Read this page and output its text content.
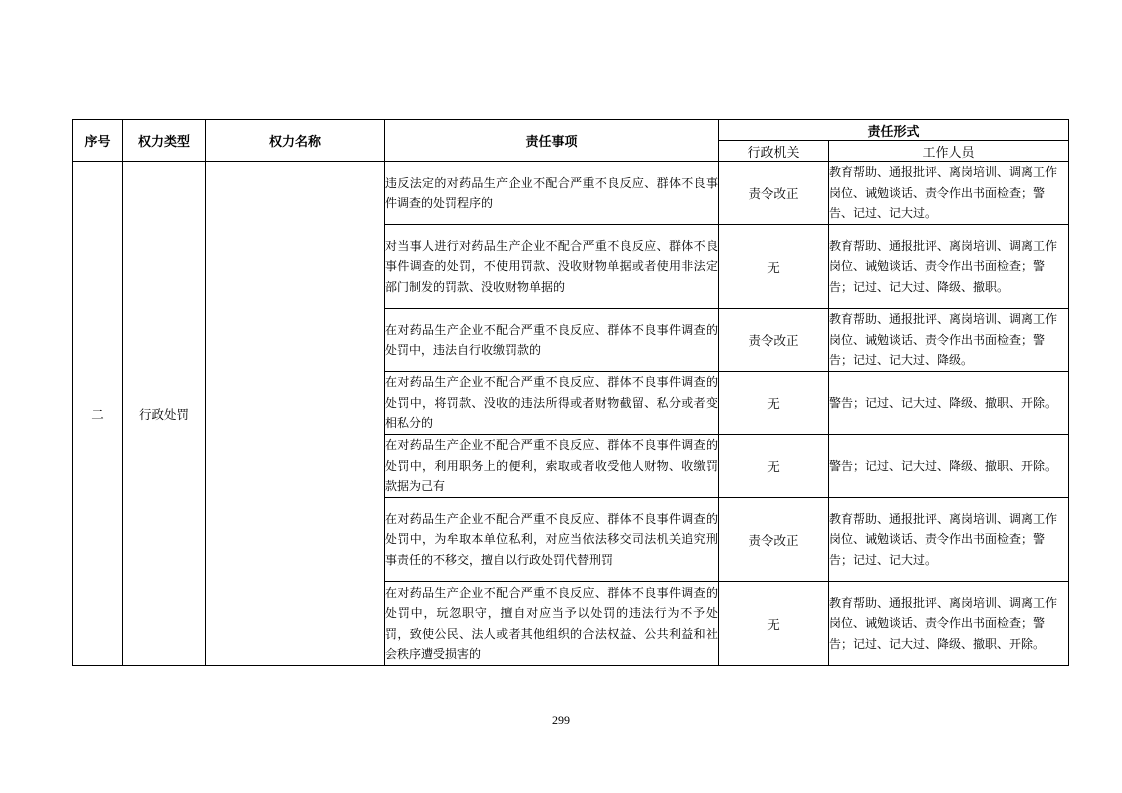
序号	权力类型	权力名称	责任事项	责任形式	
				行政机关	工作人员
二	行政处罚		违反法定的对药品生产企业不配合严重不良反应、群体不良事件调查的处罚程序的	责令改正	教育帮助、通报批评、离岗培训、调离工作岗位、诫勉谈话、责令作出书面检查；警告、记过、记大过。
			对当事人进行对药品生产企业不配合严重不良反应、群体不良事件调查的处罚，不使用罚款、没收财物单据或者使用非法定部门制发的罚款、没收财物单据的	无	教育帮助、通报批评、离岗培训、调离工作岗位、诫勉谈话、责令作出书面检查；警告；记过、记大过、降级、撤职。
			在对药品生产企业不配合严重不良反应、群体不良事件调查的处罚中，违法自行收缴罚款的	责令改正	教育帮助、通报批评、离岗培训、调离工作岗位、诫勉谈话、责令作出书面检查；警告；记过、记大过、降级。
			在对药品生产企业不配合严重不良反应、群体不良事件调查的处罚中，将罚款、没收的违法所得或者财物截留、私分或者变相私分的	无	警告；记过、记大过、降级、撤职、开除。
			在对药品生产企业不配合严重不良反应、群体不良事件调查的处罚中，利用职务上的便利，索取或者收受他人财物、收缴罚款据为己有	无	警告；记过、记大过、降级、撤职、开除。
			在对药品生产企业不配合严重不良反应、群体不良事件调查的处罚中，为牟取本单位私利，对应当依法移交司法机关追究刑事责任的不移交，擅自以行政处罚代替刑罚	责令改正	教育帮助、通报批评、离岗培训、调离工作岗位、诫勉谈话、责令作出书面检查；警告；记过、记大过。
			在对药品生产企业不配合严重不良反应、群体不良事件调查的处罚中，玩忽职守，擅自对应当予以处罚的违法行为不予处罚，致使公民、法人或者其他组织的合法权益、公共利益和社会秩序遭受损害的	无	教育帮助、通报批评、离岗培训、调离工作岗位、诫勉谈话、责令作出书面检查；警告；记过、记大过、降级、撤职、开除。
299
